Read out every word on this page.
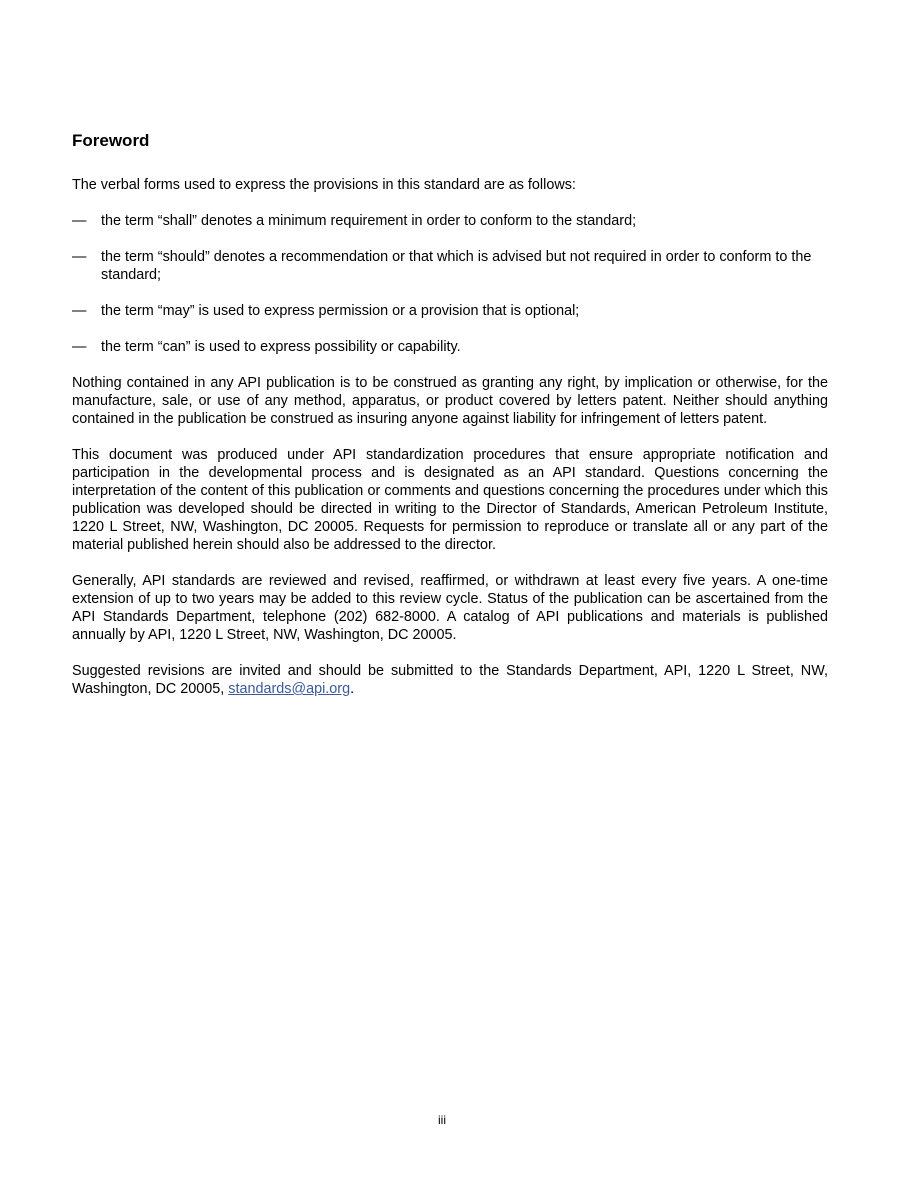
Foreword

The verbal forms used to express the provisions in this standard are as follows:

— the term “shall” denotes a minimum requirement in order to conform to the standard;
— the term “should” denotes a recommendation or that which is advised but not required in order to conform to the standard;
— the term “may” is used to express permission or a provision that is optional;
— the term “can” is used to express possibility or capability.

Nothing contained in any API publication is to be construed as granting any right, by implication or otherwise, for the manufacture, sale, or use of any method, apparatus, or product covered by letters patent. Neither should anything contained in the publication be construed as insuring anyone against liability for infringement of letters patent.

This document was produced under API standardization procedures that ensure appropriate notification and participation in the developmental process and is designated as an API standard. Questions concerning the interpretation of the content of this publication or comments and questions concerning the procedures under which this publication was developed should be directed in writing to the Director of Standards, American Petroleum Institute, 1220 L Street, NW, Washington, DC 20005. Requests for permission to reproduce or translate all or any part of the material published herein should also be addressed to the director.

Generally, API standards are reviewed and revised, reaffirmed, or withdrawn at least every five years. A one-time extension of up to two years may be added to this review cycle. Status of the publication can be ascertained from the API Standards Department, telephone (202) 682-8000. A catalog of API publications and materials is published annually by API, 1220 L Street, NW, Washington, DC 20005.

Suggested revisions are invited and should be submitted to the Standards Department, API, 1220 L Street, NW, Washington, DC 20005, standards@api.org.

iii
